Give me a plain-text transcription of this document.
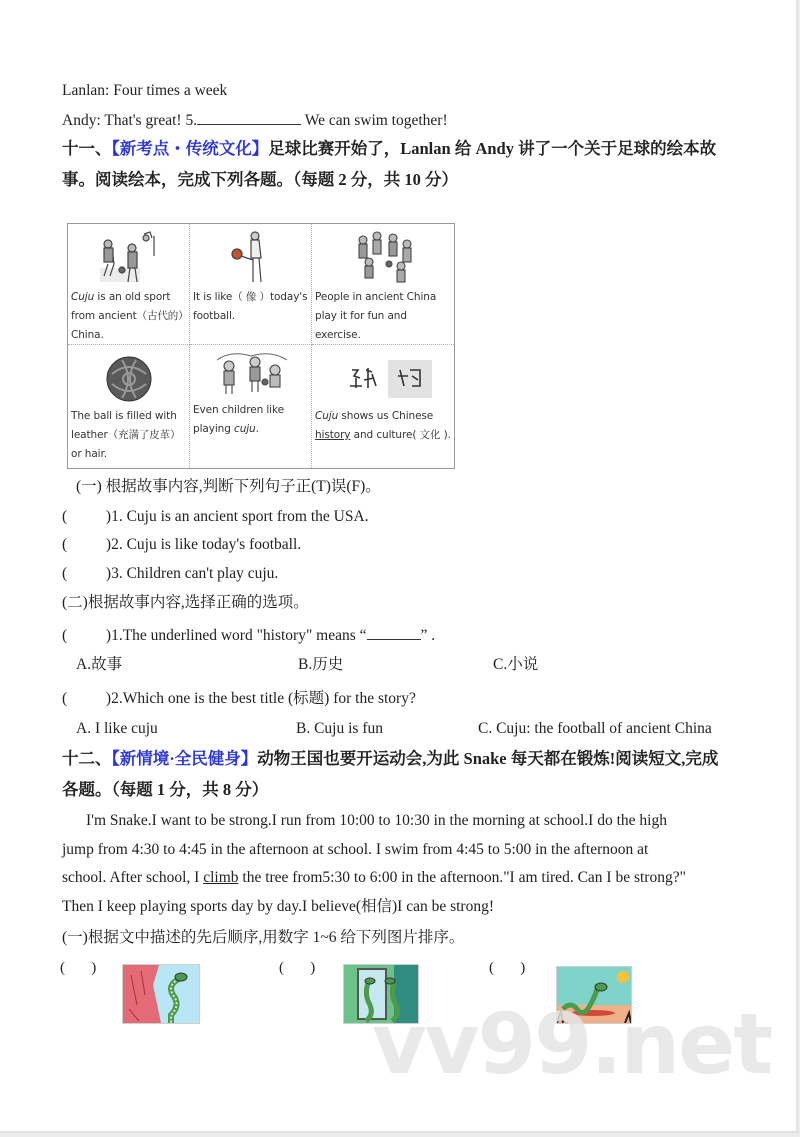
Lanlan: Four times a week
Andy: That's great! 5.	We can swim together!
十一、【新考点・传统文化】足球比赛开始了，Lanlan 给 Andy 讲了一个关于足球的绘本故
事。阅读绘本，完成下列各题。（每题 2 分，共 10 分）
Cuju is an old sport from ancient（古代的）China.
It is like（ 像 ）today's football.
People in ancient China play it for fun and exercise.
The ball is filled with leather（充满了皮革）or hair.
Even children like playing cuju.
Cuju shows us Chinese
history and culture( 文化 ).
(一) 根据故事内容,判断下列句子正(T)误(F)。
(          )1. Cuju is an ancient sport from the USA.
(          )2. Cuju is like today's football.
(          )3. Children can't play cuju.
(二)根据故事内容,选择正确的选项。
(          )1.The underlined word "history" means “	” .
A.故事	B.历史	C.小说
(          )2.Which one is the best title (标题) for the story?
A. I like cuju	B. Cuju is fun	C. Cuju: the football of ancient China
十二、【新情境·全民健身】动物王国也要开运动会,为此 Snake 每天都在锻炼!阅读短文,完成
各题。（每题 1 分，共 8 分）
I'm Snake.I want to be strong.I run from 10:00 to 10:30 in the morning at school.I do the high
jump from 4:30 to 4:45 in the afternoon at school. I swim from 4:45 to 5:00 in the afternoon at
school. After school, I climb the tree from5:30 to 6:00 in the afternoon."I am tired. Can I be strong?"
Then I keep playing sports day by day.I believe(相信)I can be strong!
(一)根据文中描述的先后顺序,用数字 1~6 给下列图片排序。
(       )	(       )	(       )
vv99.net
